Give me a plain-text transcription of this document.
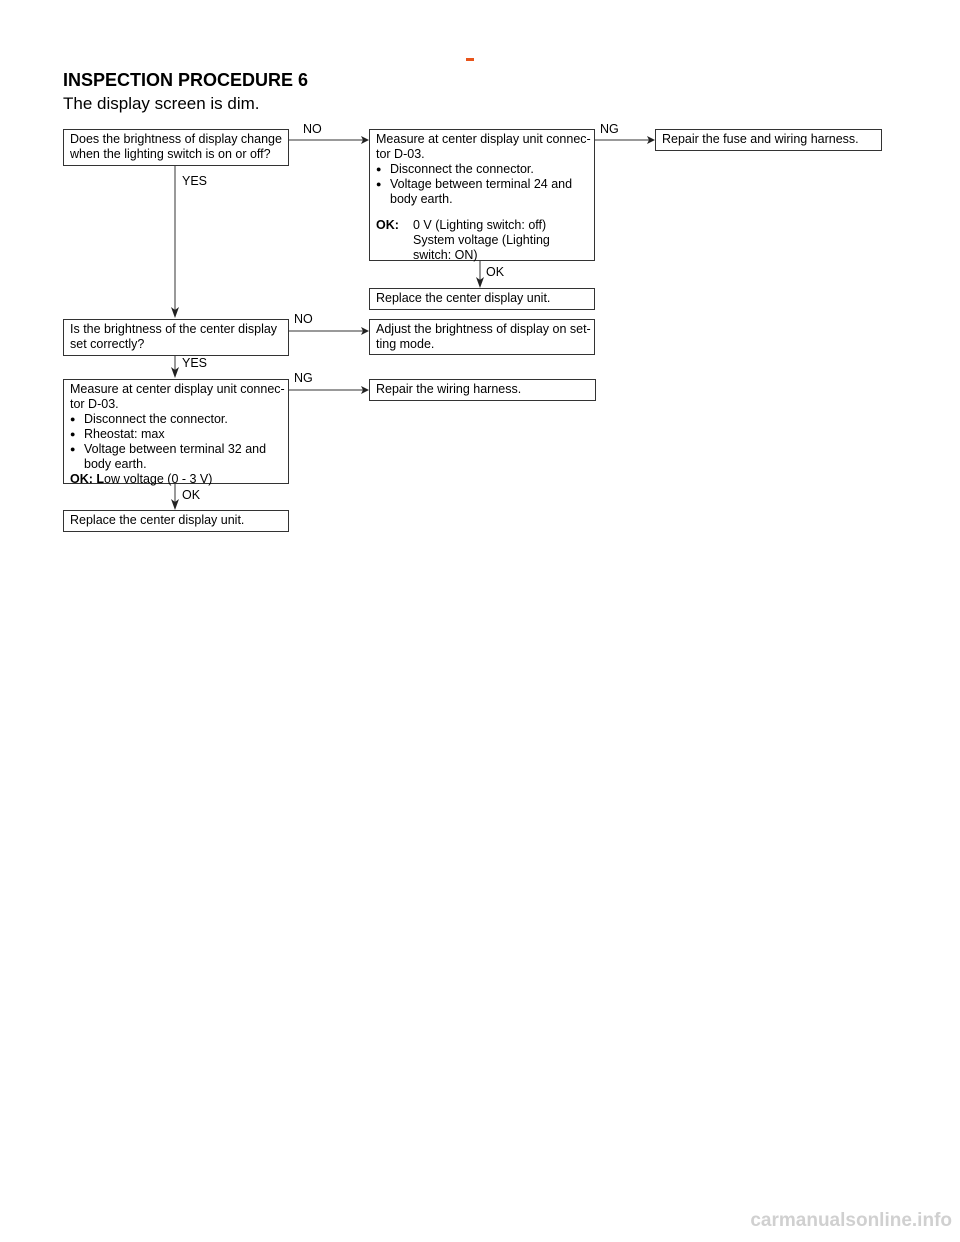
INSPECTION PROCEDURE 6

The display screen is dim.

Does the brightness of display change
when the lighting switch is on or off?
Measure at center display unit connec-
tor D-03.
● Disconnect the connector.
● Voltage between terminal 24 and
body earth.
OK: 0 V (Lighting switch: off)
System voltage (Lighting
switch: ON)
Repair the fuse and wiring harness.
Replace the center display unit.
Is the brightness of the center display
set correctly?
Adjust the brightness of display on set-
ting mode.
Measure at center display unit connec-
tor D-03.
● Disconnect the connector.
● Rheostat: max
● Voltage between terminal 32 and
body earth.
OK: Low voltage (0 - 3 V)
Repair the wiring harness.
Replace the center display unit.
NO	NG
YES
OK
NO
YES
NG
OK
carmanualsonline.info
